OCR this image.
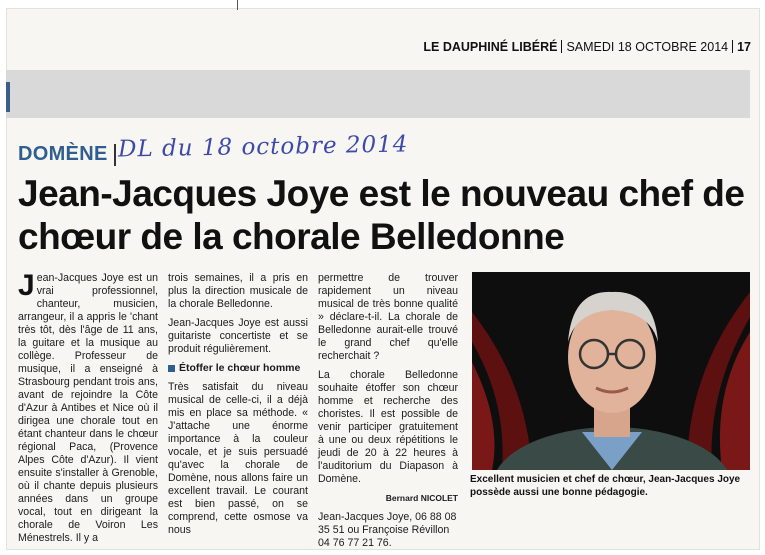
LE DAUPHINÉ LIBÉRÉ SAMEDI 18 OCTOBRE 2014 17
DOMÈNE DL du 18 octobre 2014
Jean-Jacques Joye est le nouveau chef de chœur de la chorale Belledonne

Jean-Jacques Joye est un vrai professionnel, chanteur, musicien, arrangeur, il a appris le 'chant très tôt, dès l'âge de 11 ans, la guitare et la musique au collège. Professeur de musique, il a enseigné à Strasbourg pendant trois ans, avant de rejoindre la Côte d'Azur à Antibes et Nice où il dirigea une chorale tout en étant chanteur dans le chœur régional Paca, (Provence Alpes Côte d'Azur). Il vient ensuite s'installer à Grenoble, où il chante depuis plusieurs années dans un groupe vocal, tout en dirigeant la chorale de Voiron Les Ménestrels. Il y a

trois semaines, il a pris en plus la direction musicale de la chorale Belledonne.

Jean-Jacques Joye est aussi guitariste concertiste et se produit régulièrement.

Étoffer le chœur homme

Très satisfait du niveau musical de celle-ci, il a déjà mis en place sa méthode. « J'attache une énorme importance à la couleur vocale, et je suis persuadé qu'avec la chorale de Domène, nous allons faire un excellent travail. Le courant est bien passé, on se comprend, cette osmose va nous

permettre de trouver rapidement un niveau musical de très bonne qualité » déclare-t-il. La chorale de Belledonne aurait-elle trouvé le grand chef qu'elle recherchait ?

La chorale Belledonne souhaite étoffer son chœur homme et recherche des choristes. Il est possible de venir participer gratuitement à une ou deux répétitions le jeudi de 20 à 22 heures à l'auditorium du Diapason à Domène.

Bernard NICOLET

Jean-Jacques Joye, 06 88 08 35 51 ou Françoise Révillon 04 76 77 21 76.

Excellent musicien et chef de chœur, Jean-Jacques Joye possède aussi une bonne pédagogie.
